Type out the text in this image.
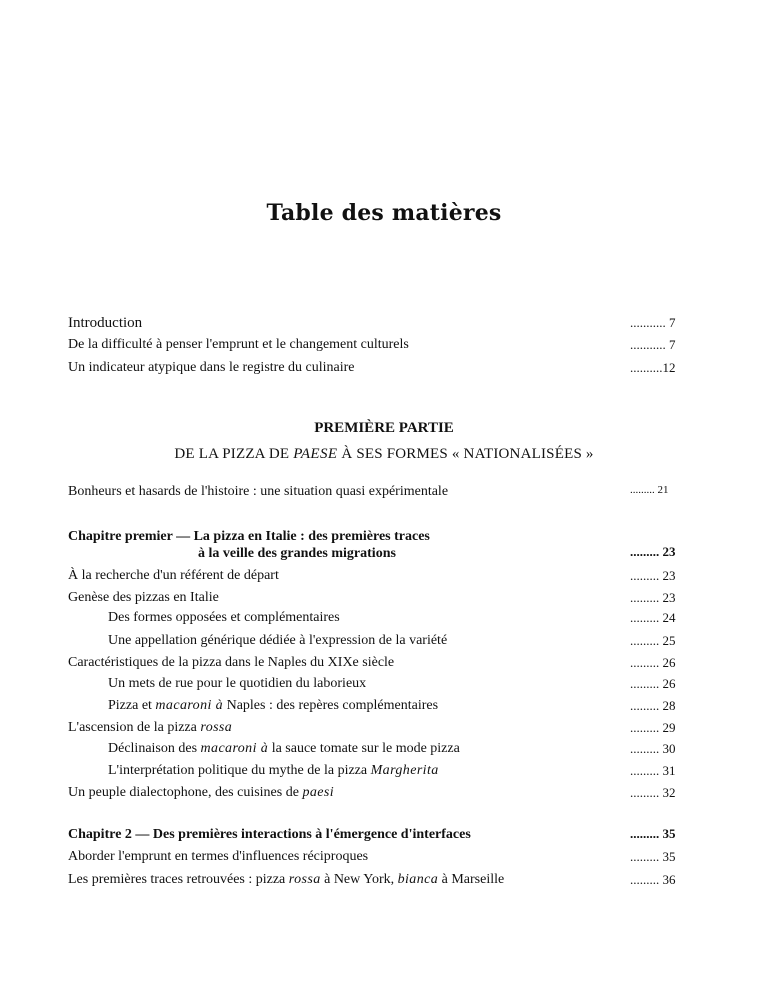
Table des matières
Introduction	........... 7
De la difficulté à penser l'emprunt et le changement culturels	........... 7
Un indicateur atypique dans le registre du culinaire	..........12
PREMIÈRE PARTIE
DE LA PIZZA DE PAESE À SES FORMES « NATIONALISÉES »
Bonheurs et hasards de l'histoire : une situation quasi expérimentale	......... 21
Chapitre premier — La pizza en Italie : des premières traces
à la veille des grandes migrations	......... 23
À la recherche d'un référent de départ	......... 23
Genèse des pizzas en Italie	......... 23
Des formes opposées et complémentaires	......... 24
Une appellation générique dédiée à l'expression de la variété	......... 25
Caractéristiques de la pizza dans le Naples du XIXe siècle	......... 26
Un mets de rue pour le quotidien du laborieux	......... 26
Pizza et macaroni à Naples : des repères complémentaires	......... 28
L'ascension de la pizza rossa	......... 29
Déclinaison des macaroni à la sauce tomate sur le mode pizza	......... 30
L'interprétation politique du mythe de la pizza Margherita	......... 31
Un peuple dialectophone, des cuisines de paesi	......... 32
Chapitre 2 — Des premières interactions à l'émergence d'interfaces	......... 35
Aborder l'emprunt en termes d'influences réciproques	......... 35
Les premières traces retrouvées : pizza rossa à New York, bianca à Marseille	......... 36
